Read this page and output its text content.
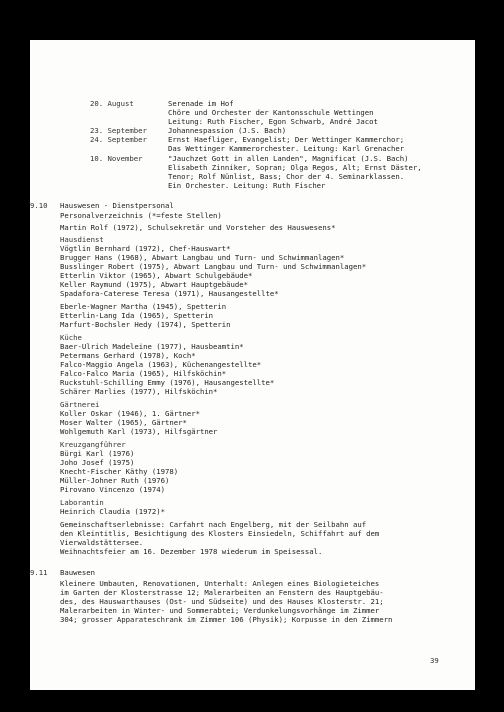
20. August	Serenade im Hof
Chöre und Orchester der Kantonsschule Wettingen
Leitung: Ruth Fischer, Egon Schwarb, André Jacot
23. September
24. September
Johannespassion (J.S. Bach)
Ernst Haefliger, Evangelist; Der Wettinger Kammerchor;
Das Wettinger Kammerorchester. Leitung: Karl Grenacher
10. November	"Jauchzet Gott in allen Landen", Magnificat (J.S. Bach)
Elisabeth Zinniker, Sopran; Olga Regos, Alt; Ernst Däster,
Tenor; Rolf Nünlist, Bass; Chor der 4. Seminarklassen.
Ein Orchester. Leitung: Ruth Fischer
9.10 Hauswesen - Dienstpersonal
Personalverzeichnis (*=feste Stellen)
Martin Rolf (1972), Schulsekretär und Vorsteher des Hauswesens*
Hausdienst
Vögtlin Bernhard (1972), Chef-Hauswart*
Brugger Hans (1968), Abwart Langbau und Turn- und Schwimmanlagen*
Busslinger Robert (1975), Abwart Langbau und Turn- und Schwimmanlagen*
Etterlin Viktor (1965), Abwart Schulgebäude*
Keller Raymund (1975), Abwart Hauptgebäude*
Spadafora-Caterese Teresa (1971), Hausangestellte*
Eberle-Wagner Martha (1945), Spetterin
Etterlin-Lang Ida (1965), Spetterin
Marfurt-Bochsler Hedy (1974), Spetterin
Küche
Baer-Ulrich Madeleine (1977), Hausbeamtin*
Petermans Gerhard (1978), Koch*
Falco-Maggio Angela (1963), Küchenangestellte*
Falco-Falco Maria (1965), Hilfsköchin*
Ruckstuhl-Schilling Emmy (1976), Hausangestellte*
Schärer Marlies (1977), Hilfsköchin*
Gärtnerei
Koller Oskar (1946), 1. Gärtner*
Moser Walter (1965), Gärtner*
Wohlgemuth Karl (1973), Hilfsgärtner
Kreuzgangführer
Bürgi Karl (1976)
Joho Josef (1975)
Knecht-Fischer Käthy (1978)
Müller-Johner Ruth (1976)
Pirovano Vincenzo (1974)
Laborantin
Heinrich Claudia (1972)*
Gemeinschaftserlebnisse: Carfahrt nach Engelberg, mit der Seilbahn auf
den Kleintitlis, Besichtigung des Klosters Einsiedeln, Schiffahrt auf dem
Vierwaldstättersee.
Weihnachtsfeier am 16. Dezember 1978 wiederum im Speisessal.
9.11 Bauwesen
Kleinere Umbauten, Renovationen, Unterhalt: Anlegen eines Biologieteiches
im Garten der Klosterstrasse 12; Malerarbeiten an Fenstern des Hauptgebäu-
des, des Hauswarthauses (Ost- und Südseite) und des Hauses Klosterstr. 21;
Malerarbeiten in Winter- und Sommerabtei; Verdunkelungsvorhänge im Zimmer
304; grosser Apparateschrank im Zimmer 106 (Physik); Korpusse in den Zimmern
39
